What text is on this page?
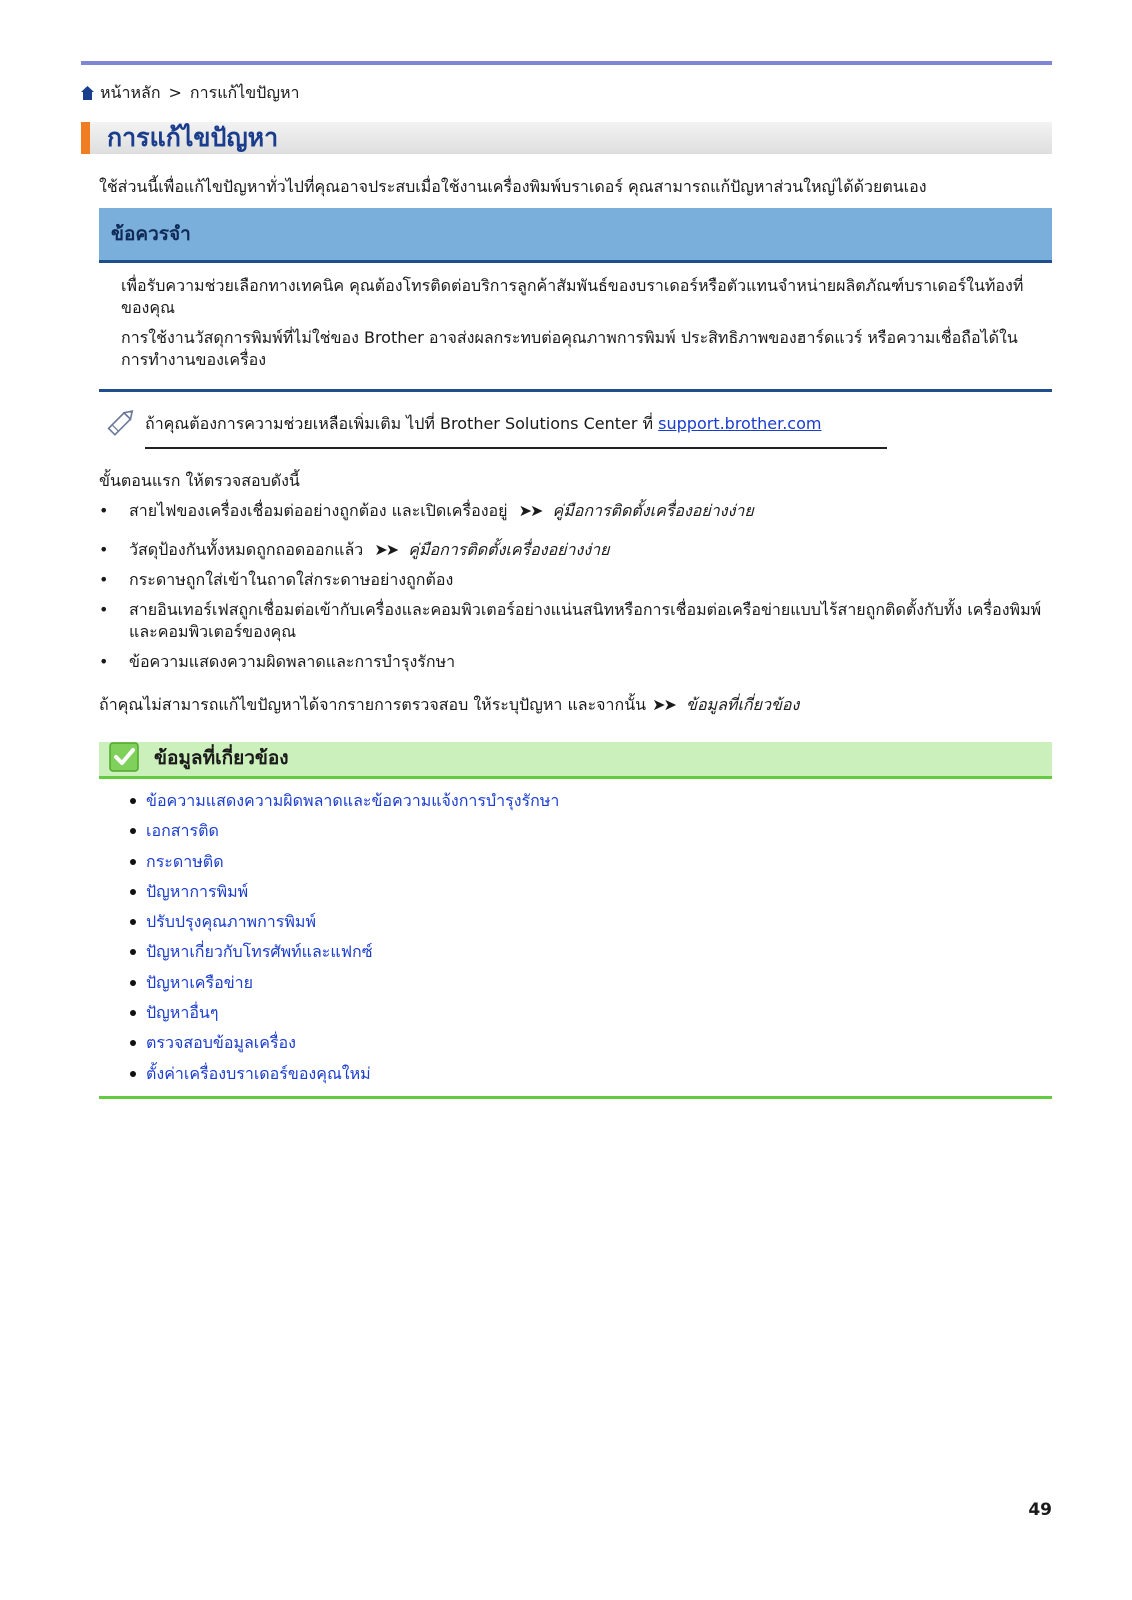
หน้าหลัก > การแก้ไขปัญหา
การแก้ไขปัญหา
ใช้ส่วนนี้เพื่อแก้ไขปัญหาทั่วไปที่คุณอาจประสบเมื่อใช้งานเครื่องพิมพ์บราเดอร์ คุณสามารถแก้ปัญหาส่วนใหญ่ได้ด้วยตนเอง
ข้อควรจำ

เพื่อรับความช่วยเลือกทางเทคนิค คุณต้องโทรติดต่อบริการลูกค้าสัมพันธ์ของบราเดอร์หรือตัวแทนจำหน่ายผลิตภัณฑ์บราเดอร์ในท้องที่ของคุณ

การใช้งานวัสดุการพิมพ์ที่ไม่ใช่ของ Brother อาจส่งผลกระทบต่อคุณภาพการพิมพ์ ประสิทธิภาพของฮาร์ดแวร์ หรือความเชื่อถือได้ในการทำงานของเครื่อง

ถ้าคุณต้องการความช่วยเหลือเพิ่มเติม ไปที่ Brother Solutions Center ที่ support.brother.com
ขั้นตอนแรก ให้ตรวจสอบดังนี้
• สายไฟของเครื่องเชื่อมต่ออย่างถูกต้อง และเปิดเครื่องอยู่ ➤➤ คู่มือการติดตั้งเครื่องอย่างง่าย
• วัสดุป้องกันทั้งหมดถูกถอดออกแล้ว ➤➤ คู่มือการติดตั้งเครื่องอย่างง่าย
• กระดาษถูกใส่เข้าในถาดใส่กระดาษอย่างถูกต้อง
• สายอินเทอร์เฟสถูกเชื่อมต่อเข้ากับเครื่องและคอมพิวเตอร์อย่างแน่นสนิทหรือการเชื่อมต่อเครือข่ายแบบไร้สายถูกติดตั้งกับทั้ง เครื่องพิมพ์และคอมพิวเตอร์ของคุณ
• ข้อความแสดงความผิดพลาดและการบำรุงรักษา
ถ้าคุณไม่สามารถแก้ไขปัญหาได้จากรายการตรวจสอบ ให้ระบุปัญหา และจากนั้น ➤➤ ข้อมูลที่เกี่ยวข้อง
ข้อมูลที่เกี่ยวข้อง
ข้อความแสดงความผิดพลาดและข้อความแจ้งการบำรุงรักษา
เอกสารติด
กระดาษติด
ปัญหาการพิมพ์
ปรับปรุงคุณภาพการพิมพ์
ปัญหาเกี่ยวกับโทรศัพท์และแฟกซ์
ปัญหาเครือข่าย
ปัญหาอื่นๆ
ตรวจสอบข้อมูลเครื่อง
ตั้งค่าเครื่องบราเดอร์ของคุณใหม่
49
